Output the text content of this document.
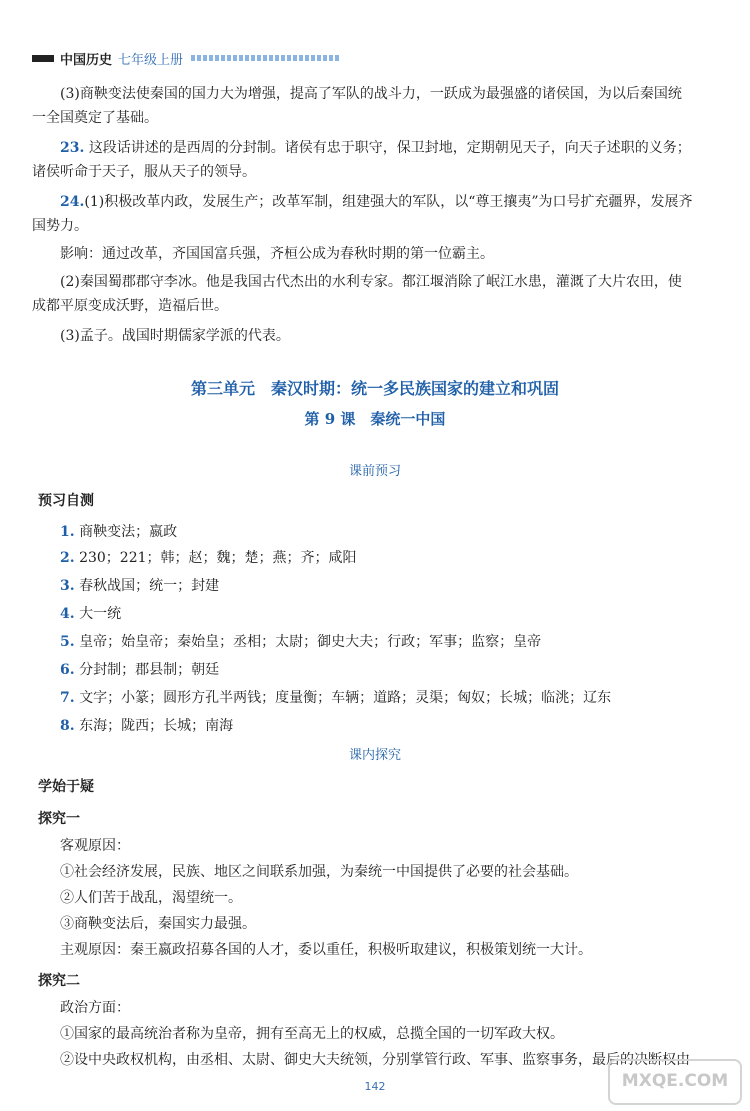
中国历史 七年级上册
(3)商鞅变法使秦国的国力大为增强，提高了军队的战斗力，一跃成为最强盛的诸侯国，为以后秦国统
一全国奠定了基础。
23. 这段话讲述的是西周的分封制。诸侯有忠于职守，保卫封地，定期朝见天子，向天子述职的义务；
诸侯听命于天子，服从天子的领导。
24.(1)积极改革内政，发展生产；改革军制，组建强大的军队，以“尊王攘夷”为口号扩充疆界，发展齐
国势力。
影响：通过改革，齐国国富兵强，齐桓公成为春秋时期的第一位霸主。
(2)秦国蜀郡郡守李冰。他是我国古代杰出的水利专家。都江堰消除了岷江水患，灌溉了大片农田，使
成都平原变成沃野，造福后世。
(3)孟子。战国时期儒家学派的代表。
第三单元　秦汉时期：统一多民族国家的建立和巩固
第 9 课　秦统一中国
课前预习
预习自测
1. 商鞅变法；嬴政
2. 230；221；韩；赵；魏；楚；燕；齐；咸阳
3. 春秋战国；统一；封建
4. 大一统
5. 皇帝；始皇帝；秦始皇；丞相；太尉；御史大夫；行政；军事；监察；皇帝
6. 分封制；郡县制；朝廷
7. 文字；小篆；圆形方孔半两钱；度量衡；车辆；道路；灵渠；匈奴；长城；临洮；辽东
8. 东海；陇西；长城；南海
课内探究
学始于疑
探究一
客观原因：
①社会经济发展，民族、地区之间联系加强，为秦统一中国提供了必要的社会基础。
②人们苦于战乱，渴望统一。
③商鞅变法后，秦国实力最强。
主观原因：秦王嬴政招募各国的人才，委以重任，积极听取建议，积极策划统一大计。
探究二
政治方面：
①国家的最高统治者称为皇帝，拥有至高无上的权威，总揽全国的一切军政大权。
②设中央政权机构，由丞相、太尉、御史大夫统领，分别掌管行政、军事、监察事务，最后的决断权由
142	MXQE.COM
